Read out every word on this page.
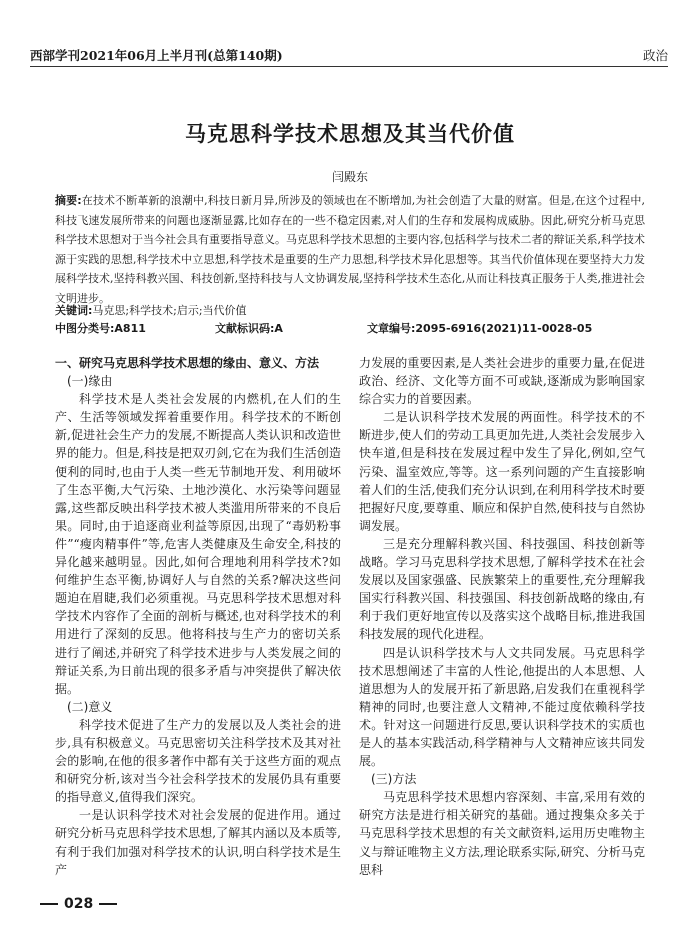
西部学刊2021年06月上半月刊(总第140期)	政治
马克思科学技术思想及其当代价值
闫殿东
摘要:在技术不断革新的浪潮中,科技日新月异,所涉及的领域也在不断增加,为社会创造了大量的财富。但是,在这个过程中,科技飞速发展所带来的问题也逐渐显露,比如存在的一些不稳定因素,对人们的生存和发展构成威胁。因此,研究分析马克思科学技术思想对于当今社会具有重要指导意义。马克思科学技术思想的主要内容,包括科学与技术二者的辩证关系,科学技术源于实践的思想,科学技术中立思想,科学技术是重要的生产力思想,科学技术异化思想等。其当代价值体现在要坚持大力发展科学技术,坚持科教兴国、科技创新,坚持科技与人文协调发展,坚持科学技术生态化,从而让科技真正服务于人类,推进社会文明进步。
关键词:马克思;科学技术;启示;当代价值
中图分类号:A811	文献标识码:A	文章编号:2095-6916(2021)11-0028-05

一、研究马克思科学技术思想的缘由、意义、方法

(一)缘由

科学技术是人类社会发展的内燃机,在人们的生产、生活等领域发挥着重要作用。科学技术的不断创新,促进社会生产力的发展,不断提高人类认识和改造世界的能力。但是,科技是把双刃剑,它在为我们生活创造便利的同时,也由于人类一些无节制地开发、利用破坏了生态平衡,大气污染、土地沙漠化、水污染等问题显露,这些都反映出科学技术被人类滥用所带来的不良后果。同时,由于追逐商业利益等原因,出现了“毒奶粉事件”“瘦肉精事件”等,危害人类健康及生命安全,科技的异化越来越明显。因此,如何合理地利用科学技术?如何维护生态平衡,协调好人与自然的关系?解决这些问题迫在眉睫,我们必须重视。马克思科学技术思想对科学技术内容作了全面的剖析与概述,也对科学技术的利用进行了深刻的反思。他将科技与生产力的密切关系进行了阐述,并研究了科学技术进步与人类发展之间的辩证关系,为日前出现的很多矛盾与冲突提供了解决依据。

(二)意义

科学技术促进了生产力的发展以及人类社会的进步,具有积极意义。马克思密切关注科学技术及其对社会的影响,在他的很多著作中都有关于这些方面的观点和研究分析,该对当今社会科学技术的发展仍具有重要的指导意义,值得我们深究。

一是认识科学技术对社会发展的促进作用。通过研究分析马克思科学技术思想,了解其内涵以及本质等,有利于我们加强对科学技术的认识,明白科学技术是生产

力发展的重要因素,是人类社会进步的重要力量,在促进政治、经济、文化等方面不可或缺,逐渐成为影响国家综合实力的首要因素。

二是认识科学技术发展的两面性。科学技术的不断进步,使人们的劳动工具更加先进,人类社会发展步入快车道,但是科技在发展过程中发生了异化,例如,空气污染、温室效应,等等。这一系列问题的产生直接影响着人们的生活,使我们充分认识到,在利用科学技术时要把握好尺度,要尊重、顺应和保护自然,使科技与自然协调发展。

三是充分理解科教兴国、科技强国、科技创新等战略。学习马克思科学技术思想,了解科学技术在社会发展以及国家强盛、民族繁荣上的重要性,充分理解我国实行科教兴国、科技强国、科技创新战略的缘由,有利于我们更好地宣传以及落实这个战略目标,推进我国科技发展的现代化进程。

四是认识科学技术与人文共同发展。马克思科学技术思想阐述了丰富的人性论,他提出的人本思想、人道思想为人的发展开拓了新思路,启发我们在重视科学精神的同时,也要注意人文精神,不能过度依赖科学技术。针对这一问题进行反思,要认识科学技术的实质也是人的基本实践活动,科学精神与人文精神应该共同发展。

(三)方法

马克思科学技术思想内容深刻、丰富,采用有效的研究方法是进行相关研究的基础。通过搜集众多关于马克思科学技术思想的有关文献资料,运用历史唯物主义与辩证唯物主义方法,理论联系实际,研究、分析马克思科

028
